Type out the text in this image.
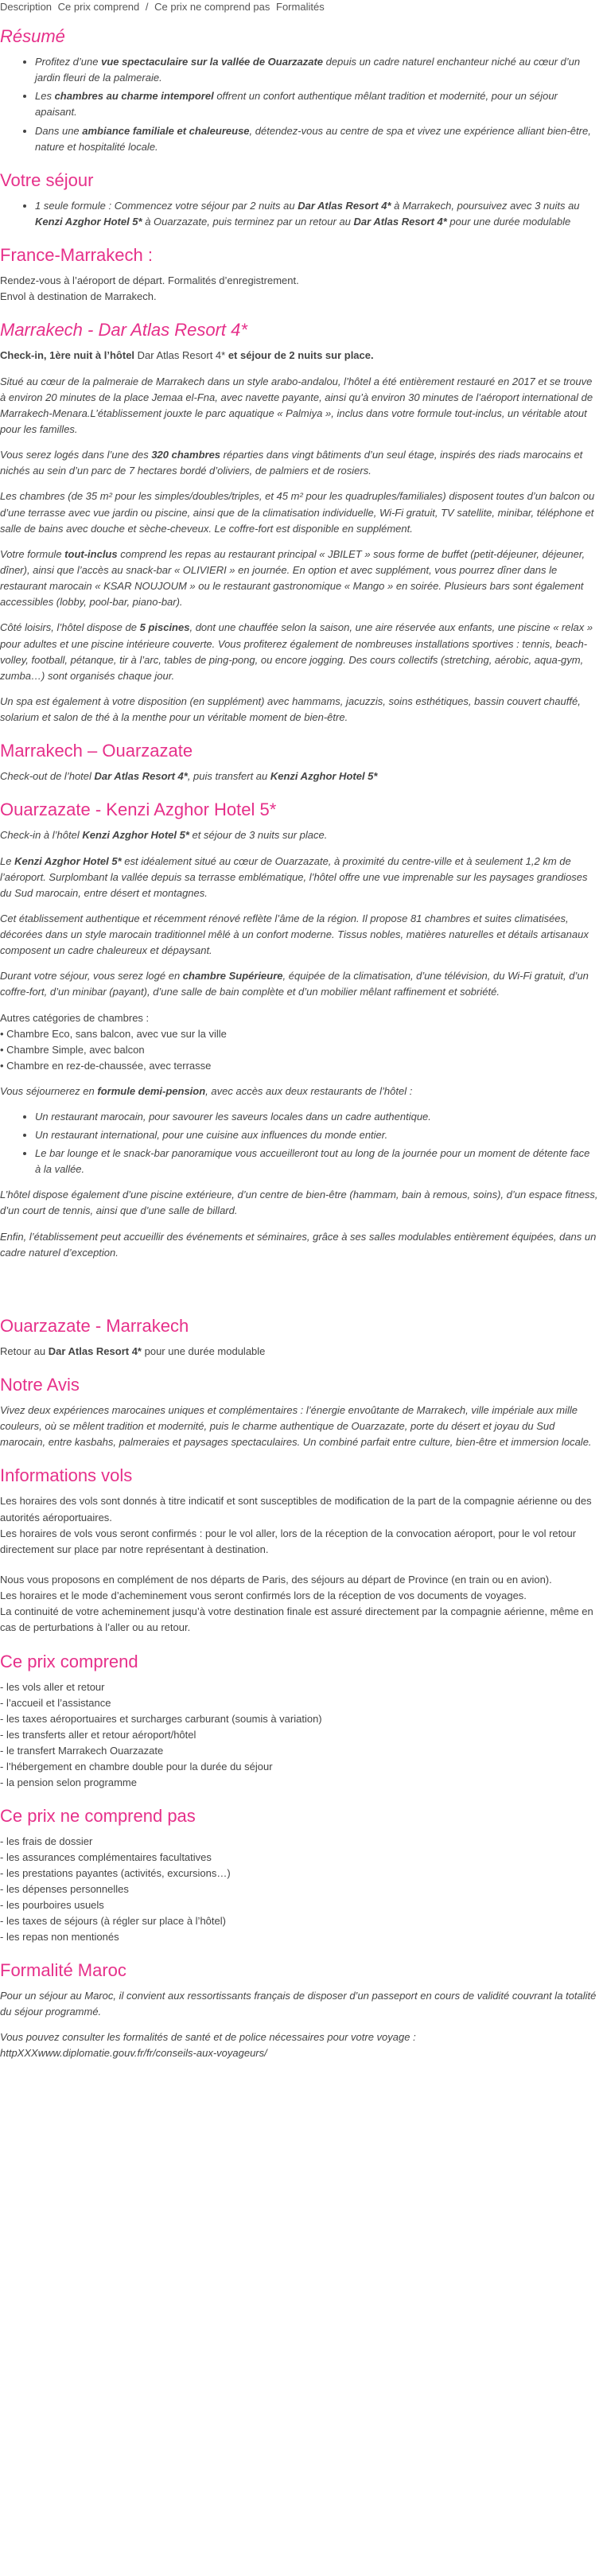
Description Ce prix comprend / Ce prix ne comprend pas Formalités
Résumé
• Profitez d’une vue spectaculaire sur la vallée de Ouarzazate depuis un cadre naturel enchanteur niché au cœur d’un jardin fleuri de la palmeraie.
• Les chambres au charme intemporel offrent un confort authentique mêlant tradition et modernité, pour un séjour apaisant.
• Dans une ambiance familiale et chaleureuse, détendez-vous au centre de spa et vivez une expérience alliant bien-être, nature et hospitalité locale.
Votre séjour
• 1 seule formule : Commencez votre séjour par 2 nuits au Dar Atlas Resort 4* à Marrakech, poursuivez avec 3 nuits au Kenzi Azghor Hotel 5* à Ouarzazate, puis terminez par un retour au Dar Atlas Resort 4* pour une durée modulable
France-Marrakech :

Rendez-vous à l’aéroport de départ. Formalités d’enregistrement.
Envol à destination de Marrakech.

Marrakech - Dar Atlas Resort 4*

Check-in, 1ère nuit à l’hôtel Dar Atlas Resort 4* et séjour de 2 nuits sur place.

Situé au cœur de la palmeraie de Marrakech dans un style arabo-andalou, l’hôtel a été entièrement restauré en 2017 et se trouve à environ 20 minutes de la place Jemaa el-Fna, avec navette payante, ainsi qu’à environ 30 minutes de l’aéroport international de Marrakech-Menara.L’établissement jouxte le parc aquatique « Palmiya », inclus dans votre formule tout-inclus, un véritable atout pour les familles.

Vous serez logés dans l’une des 320 chambres réparties dans vingt bâtiments d’un seul étage, inspirés des riads marocains et nichés au sein d’un parc de 7 hectares bordé d’oliviers, de palmiers et de rosiers.

Les chambres (de 35 m² pour les simples/doubles/triples, et 45 m² pour les quadruples/familiales) disposent toutes d’un balcon ou d’une terrasse avec vue jardin ou piscine, ainsi que de la climatisation individuelle, Wi-Fi gratuit, TV satellite, minibar, téléphone et salle de bains avec douche et sèche-cheveux. Le coffre-fort est disponible en supplément.

Votre formule tout-inclus comprend les repas au restaurant principal « JBILET » sous forme de buffet (petit-déjeuner, déjeuner, dîner), ainsi que l’accès au snack-bar « OLIVIERI » en journée. En option et avec supplément, vous pourrez dîner dans le restaurant marocain « KSAR NOUJOUM » ou le restaurant gastronomique « Mango » en soirée. Plusieurs bars sont également accessibles (lobby, pool-bar, piano-bar).

Côté loisirs, l’hôtel dispose de 5 piscines, dont une chauffée selon la saison, une aire réservée aux enfants, une piscine « relax » pour adultes et une piscine intérieure couverte. Vous profiterez également de nombreuses installations sportives : tennis, beach-volley, football, pétanque, tir à l’arc, tables de ping-pong, ou encore jogging. Des cours collectifs (stretching, aérobic, aqua-gym, zumba…) sont organisés chaque jour.

Un spa est également à votre disposition (en supplément) avec hammams, jacuzzis, soins esthétiques, bassin couvert chauffé, solarium et salon de thé à la menthe pour un véritable moment de bien-être.

Marrakech – Ouarzazate

Check-out de l’hotel Dar Atlas Resort 4*, puis transfert au Kenzi Azghor Hotel 5*

Ouarzazate - Kenzi Azghor Hotel 5*

Check-in à l’hôtel Kenzi Azghor Hotel 5* et séjour de 3 nuits sur place.

Le Kenzi Azghor Hotel 5* est idéalement situé au cœur de Ouarzazate, à proximité du centre-ville et à seulement 1,2 km de l’aéroport. Surplombant la vallée depuis sa terrasse emblématique, l’hôtel offre une vue imprenable sur les paysages grandioses du Sud marocain, entre désert et montagnes.

Cet établissement authentique et récemment rénové reflète l’âme de la région. Il propose 81 chambres et suites climatisées, décorées dans un style marocain traditionnel mêlé à un confort moderne. Tissus nobles, matières naturelles et détails artisanaux composent un cadre chaleureux et dépaysant.

Durant votre séjour, vous serez logé en chambre Supérieure, équipée de la climatisation, d’une télévision, du Wi-Fi gratuit, d’un coffre-fort, d’un minibar (payant), d’une salle de bain complète et d’un mobilier mêlant raffinement et sobriété.

Autres catégories de chambres :
• Chambre Eco, sans balcon, avec vue sur la ville
• Chambre Simple, avec balcon
• Chambre en rez-de-chaussée, avec terrasse

Vous séjournerez en formule demi-pension, avec accès aux deux restaurants de l’hôtel :

• Un restaurant marocain, pour savourer les saveurs locales dans un cadre authentique.
• Un restaurant international, pour une cuisine aux influences du monde entier.
• Le bar lounge et le snack-bar panoramique vous accueilleront tout au long de la journée pour un moment de détente face à la vallée.

L’hôtel dispose également d’une piscine extérieure, d’un centre de bien-être (hammam, bain à remous, soins), d’un espace fitness, d’un court de tennis, ainsi que d’une salle de billard.

Enfin, l’établissement peut accueillir des événements et séminaires, grâce à ses salles modulables entièrement équipées, dans un cadre naturel d’exception.

Ouarzazate - Marrakech

Retour au Dar Atlas Resort 4* pour une durée modulable

Notre Avis

Vivez deux expériences marocaines uniques et complémentaires : l’énergie envoûtante de Marrakech, ville impériale aux mille couleurs, où se mêlent tradition et modernité, puis le charme authentique de Ouarzazate, porte du désert et joyau du Sud marocain, entre kasbahs, palmeraies et paysages spectaculaires. Un combiné parfait entre culture, bien-être et immersion locale.

Informations vols

Les horaires des vols sont donnés à titre indicatif et sont susceptibles de modification de la part de la compagnie aérienne ou des autorités aéroportuaires.
Les horaires de vols vous seront confirmés : pour le vol aller, lors de la réception de la convocation aéroport, pour le vol retour directement sur place par notre représentant à destination.

Nous vous proposons en complément de nos départs de Paris, des séjours au départ de Province (en train ou en avion).
Les horaires et le mode d’acheminement vous seront confirmés lors de la réception de vos documents de voyages.
La continuité de votre acheminement jusqu’à votre destination finale est assuré directement par la compagnie aérienne, même en cas de perturbations à l’aller ou au retour.

Ce prix comprend
- les vols aller et retour
- l’accueil et l’assistance
- les taxes aéroportuaires et surcharges carburant (soumis à variation)
- les transferts aller et retour aéroport/hôtel
- le transfert Marrakech Ouarzazate
- l’hébergement en chambre double pour la durée du séjour
- la pension selon programme
Ce prix ne comprend pas
- les frais de dossier
- les assurances complémentaires facultatives
- les prestations payantes (activités, excursions…)
- les dépenses personnelles
- les pourboires usuels
- les taxes de séjours (à régler sur place à l’hôtel)
- les repas non mentionés
Formalité Maroc

Pour un séjour au Maroc, il convient aux ressortissants français de disposer d’un passeport en cours de validité couvrant la totalité du séjour programmé.

Vous pouvez consulter les formalités de santé et de police nécessaires pour votre voyage :
httpXXXwww.diplomatie.gouv.fr/fr/conseils-aux-voyageurs/
